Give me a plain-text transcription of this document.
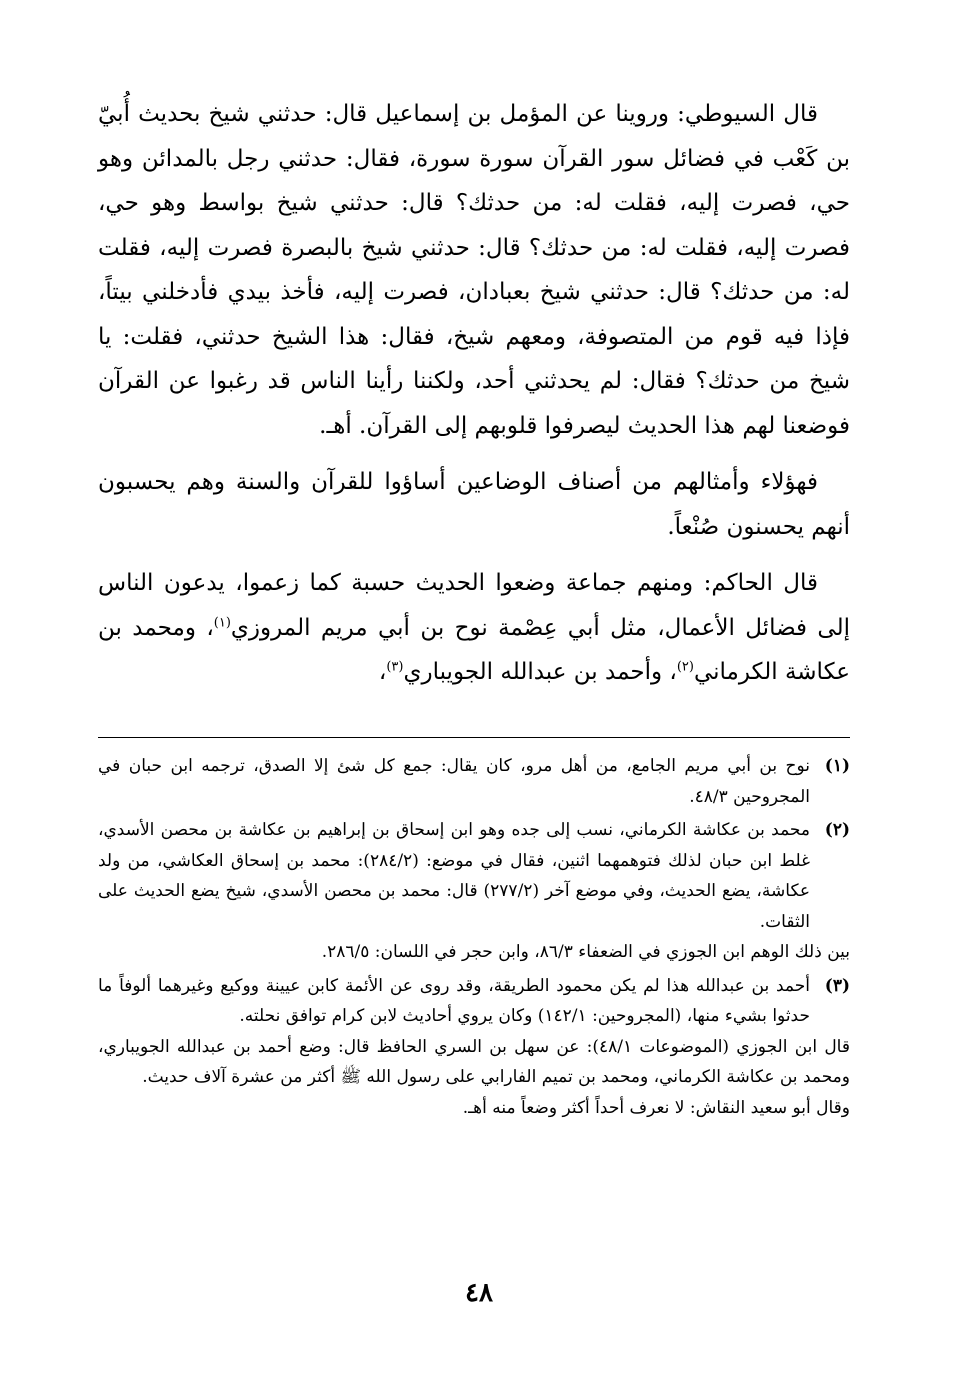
قال السيوطي: وروينا عن المؤمل بن إسماعيل قال: حدثني شيخ بحديث أُبيّ بن كَعْب في فضائل سور القرآن سورة سورة، فقال: حدثني رجل بالمدائن وهو حي، فصرت إليه، فقلت له: من حدثك؟ قال: حدثني شيخ بواسط وهو حي، فصرت إليه، فقلت له: من حدثك؟ قال: حدثني شيخ بالبصرة فصرت إليه، فقلت له: من حدثك؟ قال: حدثني شيخ بعبادان، فصرت إليه، فأخذ بيدي فأدخلني بيتاً، فإذا فيه قوم من المتصوفة، ومعهم شيخ، فقال: هذا الشيخ حدثني، فقلت: يا شيخ من حدثك؟ فقال: لم يحدثني أحد، ولكننا رأينا الناس قد رغبوا عن القرآن فوضعنا لهم هذا الحديث ليصرفوا قلوبهم إلى القرآن. أهـ.

فهؤلاء وأمثالهم من أصناف الوضاعين أساؤوا للقرآن والسنة وهم يحسبون أنهم يحسنون صُنْعاً.

قال الحاكم: ومنهم جماعة وضعوا الحديث حسبة كما زعموا، يدعون الناس إلى فضائل الأعمال، مثل أبي عِصْمة نوح بن أبي مريم المروزي$^{(١)}$، ومحمد بن عكاشة الكرماني$^{(٢)}$، وأحمد بن عبدالله الجويباري$^{(٣)}$،

(١)

نوح بن أبي مريم الجامع، من أهل مرو، كان يقال: جمع كل شئ إلا الصدق، ترجمه ابن حبان في المجروحين ٤٨/٣.

(٢)

محمد بن عكاشة الكرماني، نسب إلى جده وهو ابن إسحاق بن إبراهيم بن عكاشة بن محصن الأسدي، غلط ابن حبان لذلك فتوهمهما اثنين، فقال في موضع: (٢٨٤/٢): محمد بن إسحاق العكاشي، من ولد عكاشة، يضع الحديث، وفي موضع آخر (٢٧٧/٢) قال: محمد بن محصن الأسدي، شيخ يضع الحديث على الثقات.

بين ذلك الوهم ابن الجوزي في الضعفاء ٨٦/٣، وابن حجر في اللسان: ٢٨٦/٥.

(٣)

أحمد بن عبدالله هذا لم يكن محمود الطريقة، وقد روى عن الأئمة كابن عيينة ووكيع وغيرهما ألوفاً ما حدثوا بشيء منها، (المجروحين: ١٤٢/١) وكان يروي أحاديث لابن كرام توافق نحلته.

قال ابن الجوزي (الموضوعات ٤٨/١): عن سهل بن السري الحافظ قال: وضع أحمد بن عبدالله الجويباري، ومحمد بن عكاشة الكرماني، ومحمد بن تميم الفارابي على رسول الله ﷺ أكثر من عشرة آلاف حديث.

وقال أبو سعيد النقاش: لا نعرف أحداً أكثر وضعاً منه أهـ.

٤٨
